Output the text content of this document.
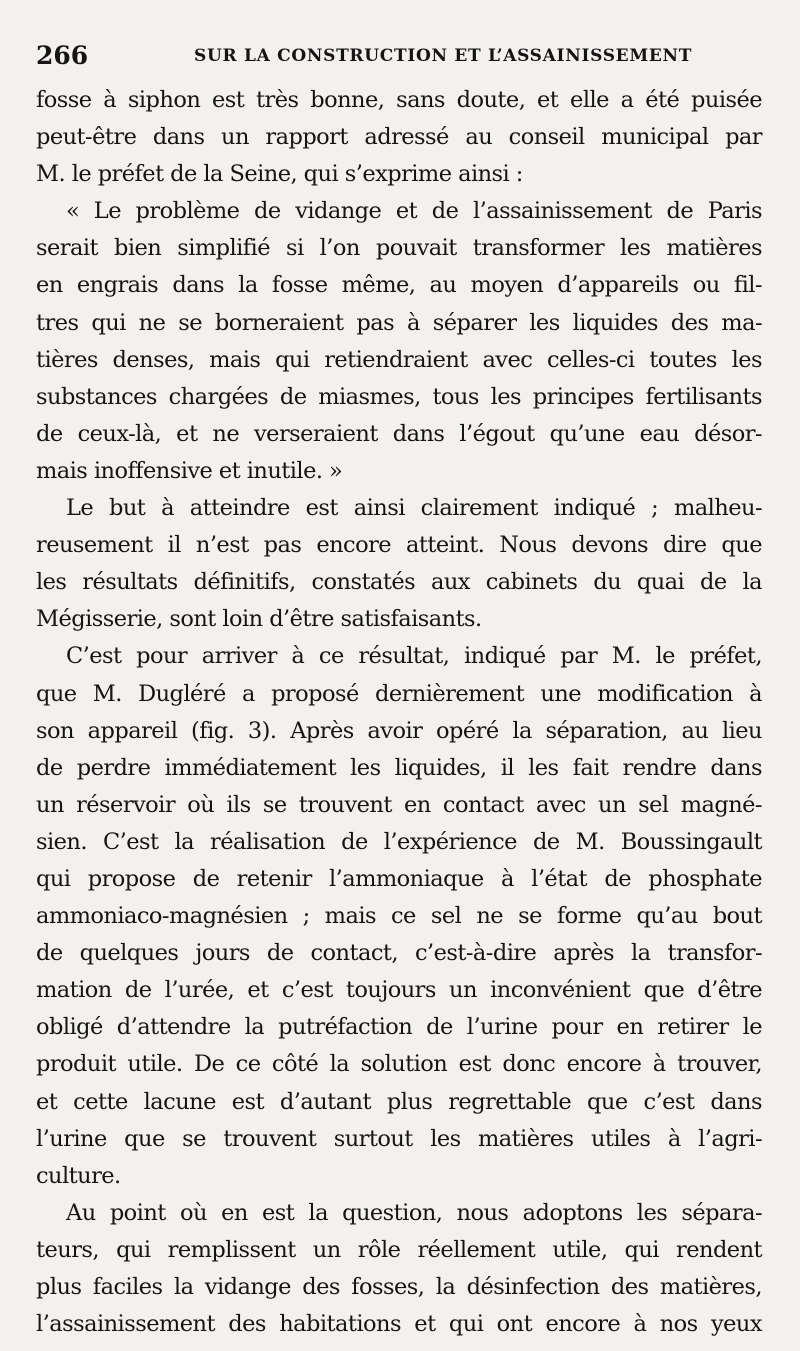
266	SUR LA CONSTRUCTION ET L’ASSAINISSEMENT
fosse à siphon est très bonne, sans doute, et elle a été puisée
peut-être dans un rapport adressé au conseil municipal par
M. le préfet de la Seine, qui s’exprime ainsi :
« Le problème de vidange et de l’assainissement de Paris
serait bien simplifié si l’on pouvait transformer les matières
en engrais dans la fosse même, au moyen d’appareils ou fil-
tres qui ne se borneraient pas à séparer les liquides des ma-
tières denses, mais qui retiendraient avec celles-ci toutes les
substances chargées de miasmes, tous les principes fertilisants
de ceux-là, et ne verseraient dans l’égout qu’une eau désor-
mais inoffensive et inutile. »
Le but à atteindre est ainsi clairement indiqué ; malheu-
reusement il n’est pas encore atteint. Nous devons dire que
les résultats définitifs, constatés aux cabinets du quai de la
Mégisserie, sont loin d’être satisfaisants.
C’est pour arriver à ce résultat, indiqué par M. le préfet,
que M. Dugléré a proposé dernièrement une modification à
son appareil (fig. 3). Après avoir opéré la séparation, au lieu
de perdre immédiatement les liquides, il les fait rendre dans
un réservoir où ils se trouvent en contact avec un sel magné-
sien. C’est la réalisation de l’expérience de M. Boussingault
qui propose de retenir l’ammoniaque à l’état de phosphate
ammoniaco-magnésien ; mais ce sel ne se forme qu’au bout
de quelques jours de contact, c’est-à-dire après la transfor-
mation de l’urée, et c’est toujours un inconvénient que d’être
obligé d’attendre la putréfaction de l’urine pour en retirer le
produit utile. De ce côté la solution est donc encore à trouver,
et cette lacune est d’autant plus regrettable que c’est dans
l’urine que se trouvent surtout les matières utiles à l’agri-
culture.
Au point où en est la question, nous adoptons les sépara-
teurs, qui remplissent un rôle réellement utile, qui rendent
plus faciles la vidange des fosses, la désinfection des matières,
l’assainissement des habitations et qui ont encore à nos yeux
